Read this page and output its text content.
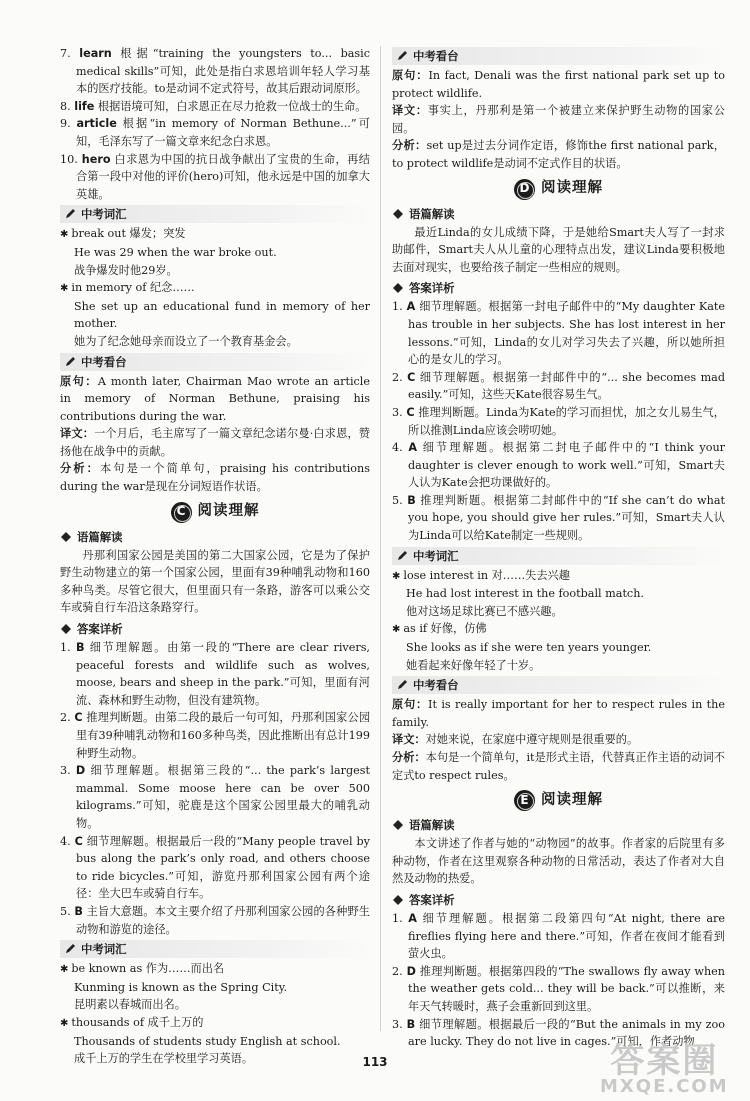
7. learn 根据“training the youngsters to... basic medical skills”可知，此处是指白求恩培训年轻人学习基本的医疗技能。to是动词不定式符号，故其后跟动词原形。

8. life 根据语境可知，白求恩正在尽力抢救一位战士的生命。

9. article 根据“in memory of Norman Bethune...”可知，毛泽东写了一篇文章来纪念白求恩。

10. hero 白求恩为中国的抗日战争献出了宝贵的生命，再结合第一段中对他的评价(hero)可知，他永远是中国的加拿大英雄。

中考词汇

✱ break out 爆发；突发

He was 29 when the war broke out.

战争爆发时他29岁。

✱ in memory of 纪念……

She set up an educational fund in memory of her mother.

她为了纪念她母亲而设立了一个教育基金会。

中考看台

原句：A month later, Chairman Mao wrote an article in memory of Norman Bethune, praising his contributions during the war.

译文：一个月后，毛主席写了一篇文章纪念诺尔曼·白求恩，赞扬他在战争中的贡献。

分析：本句是一个简单句，praising his contributions during the war是现在分词短语作状语。

C 阅读理解
语篇解读

丹那利国家公园是美国的第二大国家公园，它是为了保护野生动物建立的第一个国家公园，里面有39种哺乳动物和160多种鸟类。尽管它很大，但里面只有一条路，游客可以乘公交车或骑自行车沿这条路穿行。

答案详析

1. B 细节理解题。由第一段的“There are clear rivers, peaceful forests and wildlife such as wolves, moose, bears and sheep in the park.”可知，里面有河流、森林和野生动物，但没有建筑物。

2. C 推理判断题。由第二段的最后一句可知，丹那利国家公园里有39种哺乳动物和160多种鸟类，因此推断出有总计199种野生动物。

3. D 细节理解题。根据第三段的“... the park’s largest mammal. Some moose here can be over 500 kilograms.”可知，驼鹿是这个国家公园里最大的哺乳动物。

4. C 细节理解题。根据最后一段的“Many people travel by bus along the park’s only road, and others choose to ride bicycles.”可知，游览丹那利国家公园有两个途径：坐大巴车或骑自行车。

5. B 主旨大意题。本文主要介绍了丹那利国家公园的各种野生动物和游览的途径。

中考词汇

✱ be known as 作为……而出名

Kunming is known as the Spring City.

昆明素以春城而出名。

✱ thousands of 成千上万的

Thousands of students study English at school.

成千上万的学生在学校里学习英语。

中考看台

原句：In fact, Denali was the first national park set up to protect wildlife.

译文：事实上，丹那利是第一个被建立来保护野生动物的国家公园。

分析：set up是过去分词作定语，修饰the first national park，to protect wildlife是动词不定式作目的状语。

D 阅读理解
语篇解读

最近Linda的女儿成绩下降，于是她给Smart夫人写了一封求助邮件，Smart夫人从儿童的心理特点出发，建议Linda要积极地去面对现实，也要给孩子制定一些相应的规则。

答案详析

1. A 细节理解题。根据第一封电子邮件中的“My daughter Kate has trouble in her subjects. She has lost interest in her lessons.”可知，Linda的女儿对学习失去了兴趣，所以她所担心的是女儿的学习。

2. C 细节理解题。根据第一封邮件中的“... she becomes mad easily.”可知，这些天Kate很容易生气。

3. C 推理判断题。Linda为Kate的学习而担忧，加之女儿易生气，所以推测Linda应该会唠叨她。

4. A 细节理解题。根据第二封电子邮件中的“I think your daughter is clever enough to work well.”可知，Smart夫人认为Kate会把功课做好的。

5. B 推理判断题。根据第二封邮件中的“If she can’t do what you hope, you should give her rules.”可知，Smart夫人认为Linda可以给Kate制定一些规则。

中考词汇

✱ lose interest in 对……失去兴趣

He had lost interest in the football match.

他对这场足球比赛已不感兴趣。

✱ as if 好像，仿佛

She looks as if she were ten years younger.

她看起来好像年轻了十岁。

中考看台

原句：It is really important for her to respect rules in the family.

译文：对她来说，在家庭中遵守规则是很重要的。

分析：本句是一个简单句，it是形式主语，代替真正作主语的动词不定式to respect rules。

E 阅读理解
语篇解读

本文讲述了作者与她的“动物园”的故事。作者家的后院里有多种动物，作者在这里观察各种动物的日常活动，表达了作者对大自然及动物的热爱。

答案详析

1. A 细节理解题。根据第二段第四句“At night, there are fireflies flying here and there.”可知，作者在夜间才能看到萤火虫。

2. D 推理判断题。根据第四段的“The swallows fly away when the weather gets cold... they will be back.”可以推断，来年天气转暖时，燕子会重新回到这里。

3. B 细节理解题。根据最后一段的“But the animals in my zoo are lucky. They do not live in cages.”可知，作者动物

113	答案圈
MXQE.COM
